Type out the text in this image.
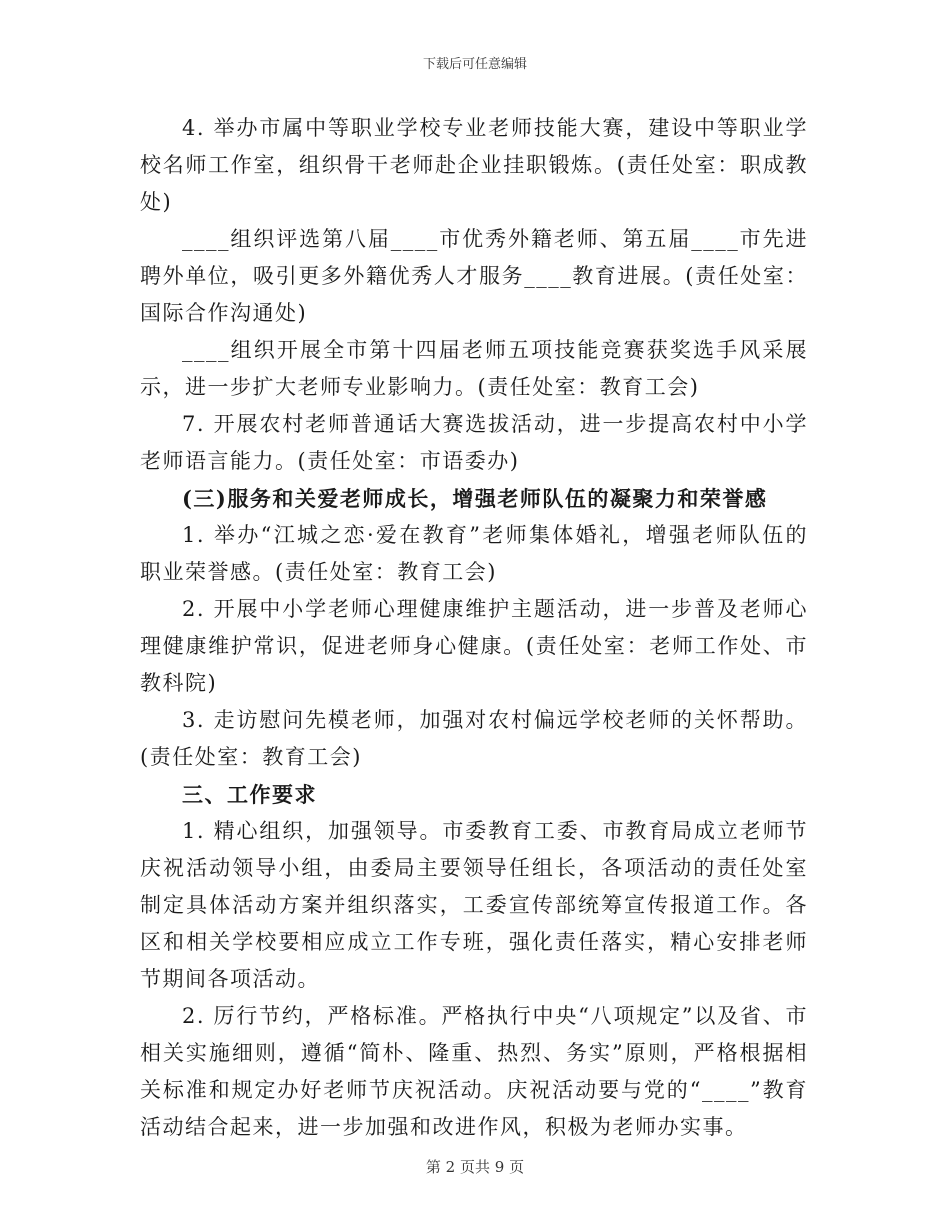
下载后可任意编辑

4. 举办市属中等职业学校专业老师技能大赛，建设中等职业学校名师工作室，组织骨干老师赴企业挂职锻炼。(责任处室：职成教处)

____组织评选第八届____市优秀外籍老师、第五届____市先进聘外单位，吸引更多外籍优秀人才服务____教育进展。(责任处室：国际合作沟通处)

____组织开展全市第十四届老师五项技能竞赛获奖选手风采展示，进一步扩大老师专业影响力。(责任处室：教育工会)

7. 开展农村老师普通话大赛选拔活动，进一步提高农村中小学老师语言能力。(责任处室：市语委办)

(三)服务和关爱老师成长，增强老师队伍的凝聚力和荣誉感

1. 举办“江城之恋·爱在教育”老师集体婚礼，增强老师队伍的职业荣誉感。(责任处室：教育工会)

2. 开展中小学老师心理健康维护主题活动，进一步普及老师心理健康维护常识，促进老师身心健康。(责任处室：老师工作处、市教科院)

3. 走访慰问先模老师，加强对农村偏远学校老师的关怀帮助。(责任处室：教育工会)

三、工作要求

1. 精心组织，加强领导。市委教育工委、市教育局成立老师节庆祝活动领导小组，由委局主要领导任组长，各项活动的责任处室制定具体活动方案并组织落实，工委宣传部统筹宣传报道工作。各区和相关学校要相应成立工作专班，强化责任落实，精心安排老师节期间各项活动。

2. 厉行节约，严格标准。严格执行中央“八项规定”以及省、市相关实施细则，遵循“简朴、隆重、热烈、务实”原则，严格根据相关标准和规定办好老师节庆祝活动。庆祝活动要与党的“____”教育活动结合起来，进一步加强和改进作风，积极为老师办实事。

第 2 页共 9 页
